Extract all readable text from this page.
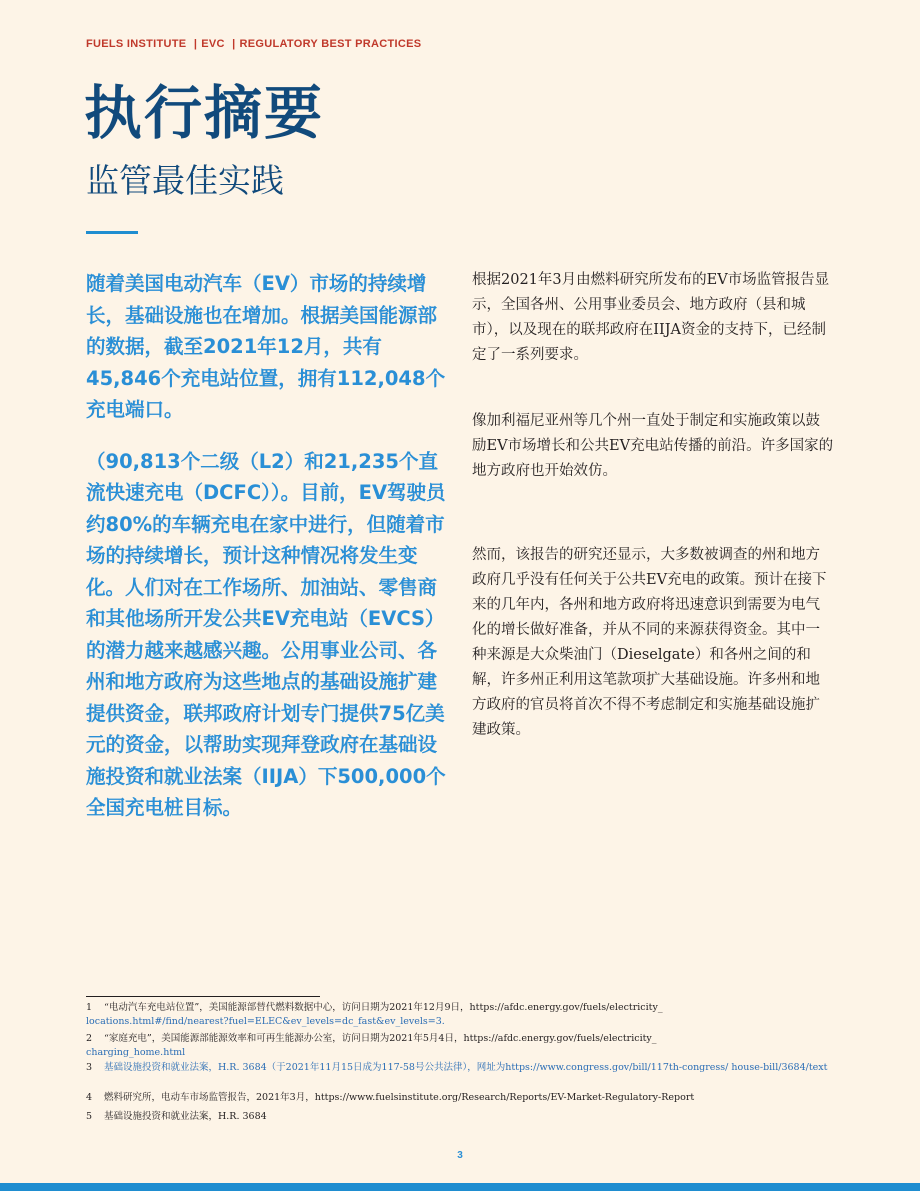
FUELS INSTITUTE | EVC | REGULATORY BEST PRACTICES
执行摘要
监管最佳实践

随着美国电动汽车（EV）市场的持续增长，基础设施也在增加。根据美国能源部的数据，截至2021年12月，共有45,846个充电站位置，拥有112,048个充电端口。

（90,813个二级（L2）和21,235个直流快速充电（DCFC））。目前，EV驾驶员约80%的车辆充电在家中进行，但随着市场的持续增长，预计这种情况将发生变化。人们对在工作场所、加油站、零售商和其他场所开发公共EV充电站（EVCS）的潜力越来越感兴趣。公用事业公司、各州和地方政府为这些地点的基础设施扩建提供资金，联邦政府计划专门提供75亿美元的资金，以帮助实现拜登政府在基础设施投资和就业法案（IIJA）下500,000个全国充电桩目标。

根据2021年3月由燃料研究所发布的EV市场监管报告显示，全国各州、公用事业委员会、地方政府（县和城市），以及现在的联邦政府在IIJA资金的支持下，已经制定了一系列要求。

像加利福尼亚州等几个州一直处于制定和实施政策以鼓励EV市场增长和公共EV充电站传播的前沿。许多国家的地方政府也开始效仿。

然而，该报告的研究还显示，大多数被调查的州和地方政府几乎没有任何关于公共EV充电的政策。预计在接下来的几年内，各州和地方政府将迅速意识到需要为电气化的增长做好准备，并从不同的来源获得资金。其中一种来源是大众柴油门（Dieselgate）和各州之间的和解，许多州正利用这笔款项扩大基础设施。许多州和地方政府的官员将首次不得不考虑制定和实施基础设施扩建政策。

1 “电动汽车充电站位置”，美国能源部替代燃料数据中心，访问日期为2021年12月9日，https://afdc.energy.gov/fuels/electricity_
locations.html#/find/nearest?fuel=ELEC&ev_levels=dc_fast&ev_levels=3.
2 “家庭充电”，美国能源部能源效率和可再生能源办公室，访问日期为2021年5月4日，https://afdc.energy.gov/fuels/electricity_
charging_home.html
3 基础设施投资和就业法案，H.R. 3684（于2021年11月15日成为117-58号公共法律），网址为https://www.congress.gov/bill/117th-congress/ house-bill/3684/text
4 燃料研究所，电动车市场监管报告，2021年3月，https://www.fuelsinstitute.org/Research/Reports/EV-Market-Regulatory-Report
5 基础设施投资和就业法案，H.R. 3684
3
